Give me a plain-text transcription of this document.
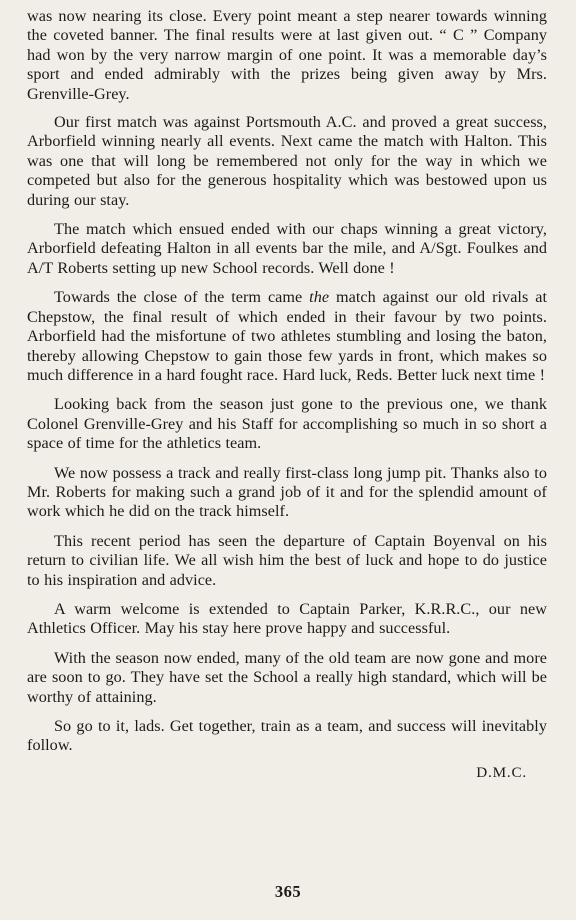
was now nearing its close. Every point meant a step nearer towards winning the coveted banner. The final results were at last given out. “ C ” Company had won by the very narrow margin of one point. It was a memorable day’s sport and ended admirably with the prizes being given away by Mrs. Grenville-Grey.

Our first match was against Portsmouth A.C. and proved a great success, Arborfield winning nearly all events. Next came the match with Halton. This was one that will long be remembered not only for the way in which we competed but also for the generous hospitality which was bestowed upon us during our stay.

The match which ensued ended with our chaps winning a great victory, Arborfield defeating Halton in all events bar the mile, and A/Sgt. Foulkes and A/T Roberts setting up new School records. Well done !

Towards the close of the term came the match against our old rivals at Chepstow, the final result of which ended in their favour by two points. Arborfield had the misfortune of two athletes stumbling and losing the baton, thereby allowing Chepstow to gain those few yards in front, which makes so much difference in a hard fought race. Hard luck, Reds. Better luck next time !

Looking back from the season just gone to the previous one, we thank Colonel Grenville-Grey and his Staff for accomplishing so much in so short a space of time for the athletics team.

We now possess a track and really first-class long jump pit. Thanks also to Mr. Roberts for making such a grand job of it and for the splendid amount of work which he did on the track himself.

This recent period has seen the departure of Captain Boyenval on his return to civilian life. We all wish him the best of luck and hope to do justice to his inspiration and advice.

A warm welcome is extended to Captain Parker, K.R.R.C., our new Athletics Officer. May his stay here prove happy and successful.

With the season now ended, many of the old team are now gone and more are soon to go. They have set the School a really high standard, which will be worthy of attaining.

So go to it, lads. Get together, train as a team, and success will inevitably follow.

D.M.C.
365
